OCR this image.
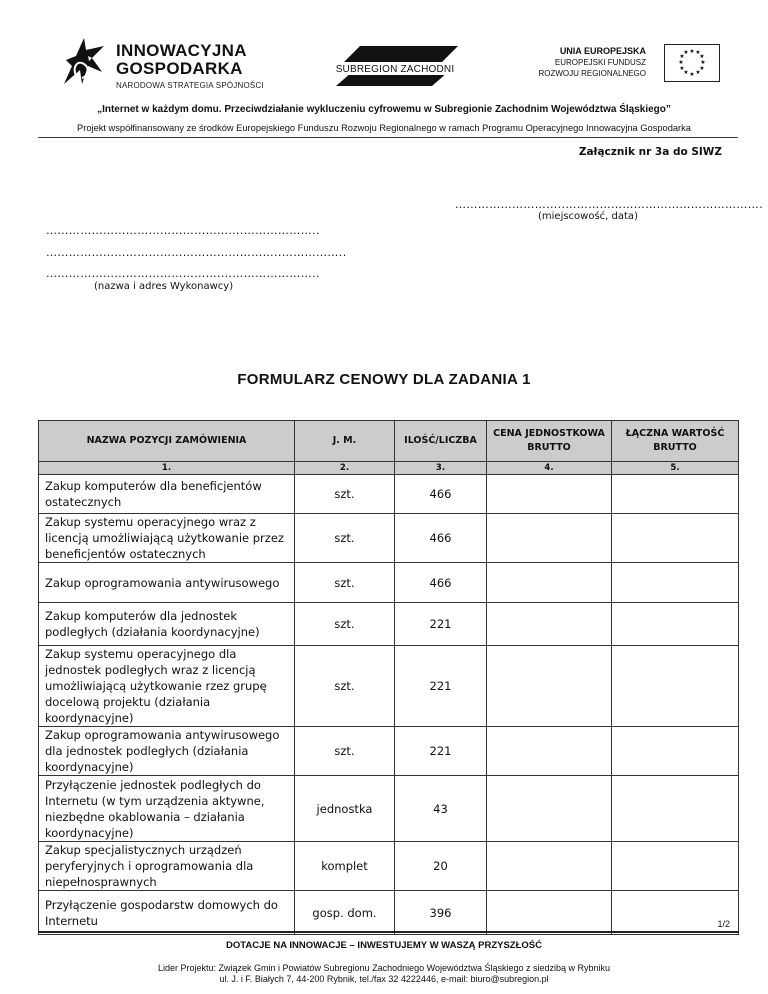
INNOWACYJNA
GOSPODARKA
NARODOWA STRATEGIA SPÓJNOŚCI
SUBREGION ZACHODNI
UNIA EUROPEJSKA
EUROPEJSKI FUNDUSZ
ROZWOJU REGIONALNEGO
★ ★
★
★
★
★
★
★
★
★
★
★
„Internet w każdym domu. Przeciwdziałanie wykluczeniu cyfrowemu w Subregionie Zachodnim Województwa Śląskiego”
Projekt współfinansowany ze środków Europejskiego Funduszu Rozwoju Regionalnego w ramach Programu Operacyjnego Innowacyjna Gospodarka
Załącznik nr 3a do SIWZ
………………………..…………………………………………….
(miejscowość, data)
…………………………………………….………………..
……………………………………………………..……………..
……………………………………….……………………..
(nazwa i adres Wykonawcy)
FORMULARZ CENOWY DLA ZADANIA 1
NAZWA POZYCJI ZAMÓWIENIA	J. M.	ILOŚĆ/LICZBA	CENA JEDNOSTKOWA BRUTTO	ŁĄCZNA WARTOŚĆ BRUTTO
1.	2.	3.	4.	5.
Zakup komputerów dla beneficjentów ostatecznych	szt.	466		
Zakup systemu operacyjnego wraz z licencją umożliwiającą użytkowanie przez beneficjentów ostatecznych	szt.	466		
Zakup oprogramowania antywirusowego	szt.	466		
Zakup komputerów dla jednostek podległych (działania koordynacyjne)	szt.	221		
Zakup systemu operacyjnego dla jednostek podległych wraz z licencją umożliwiającą użytkowanie rzez grupę docelową projektu (działania koordynacyjne)	szt.	221		
Zakup oprogramowania antywirusowego dla jednostek podległych (działania koordynacyjne)	szt.	221		
Przyłączenie jednostek podległych do Internetu (w tym urządzenia aktywne, niezbędne okablowania – działania koordynacyjne)	jednostka	43		
Zakup specjalistycznych urządzeń peryferyjnych i oprogramowania dla niepełnosprawnych	komplet	20		
Przyłączenie gospodarstw domowych do Internetu	gosp. dom.	396		
1/2
DOTACJE NA INNOWACJE – INWESTUJEMY W WASZĄ PRZYSZŁOŚĆ
Lider Projektu: Związek Gmin i Powiatów Subregionu Zachodniego Województwa Śląskiego z siedzibą w Rybniku
ul. J. i F. Białych 7, 44-200 Rybnik, tel./fax 32 4222446, e-mail: biuro@subregion.pl
